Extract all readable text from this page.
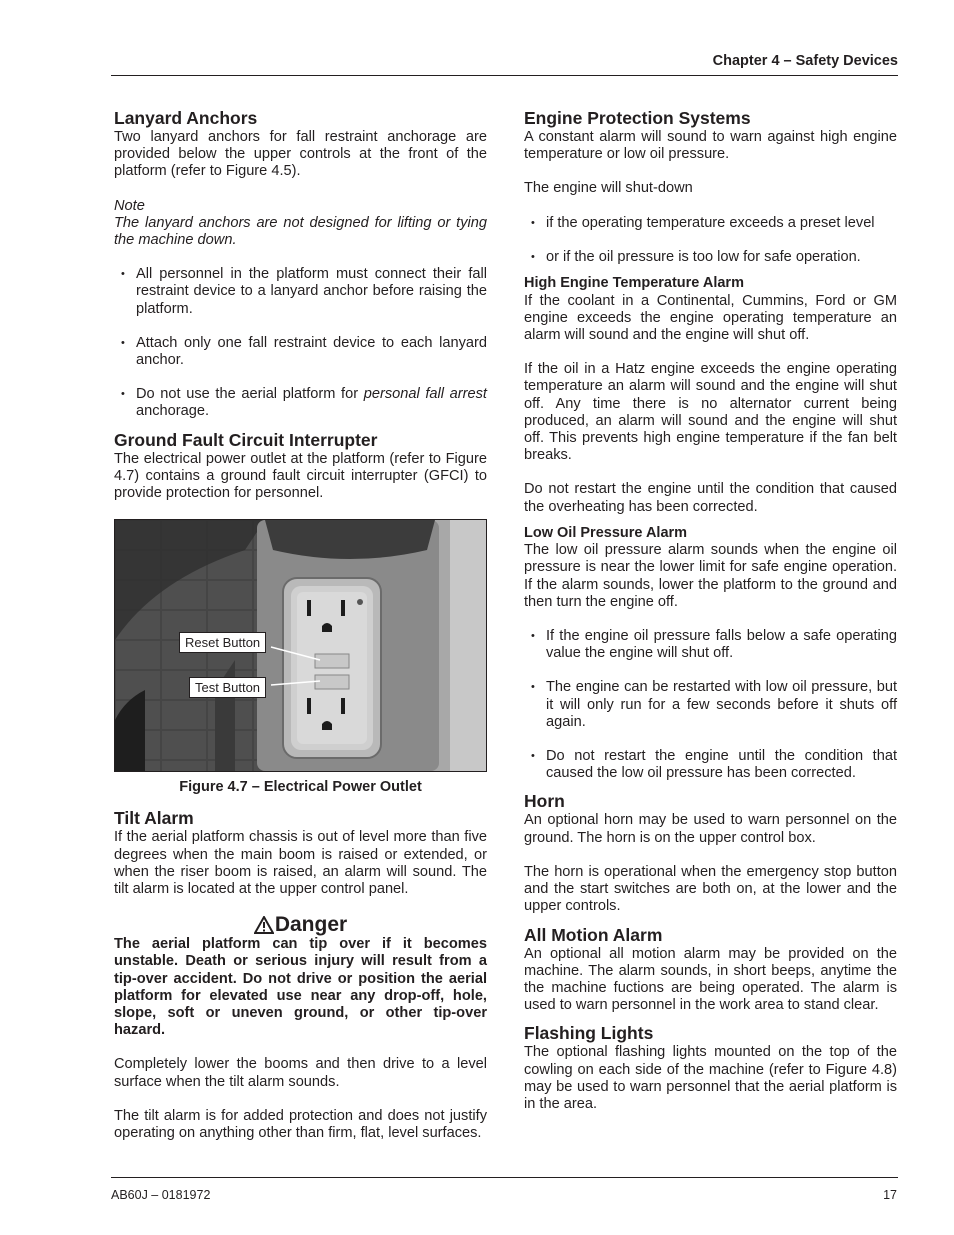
Chapter 4 – Safety Devices
Lanyard Anchors

Two lanyard anchors for fall restraint anchorage are provided below the upper controls at the front of the platform (refer to Figure 4.5).

Note

The lanyard anchors are not designed for lifting or tying the machine down.

• All personnel in the platform must connect their fall restraint device to a lanyard anchor before raising the platform.
• Attach only one fall restraint device to each lanyard anchor.
• Do not use the aerial platform for personal fall arrest anchorage.
Ground Fault Circuit Interrupter

The electrical power outlet at the platform (refer to Figure 4.7) contains a ground fault circuit interrupter (GFCI) to provide protection for personnel.

Reset Button
Test Button
Figure 4.7 – Electrical Power Outlet
Tilt Alarm

If the aerial platform chassis is out of level more than five degrees when the main boom is raised or extended, or when the riser boom is raised, an alarm will sound. The tilt alarm is located at the upper control panel.

Danger

The aerial platform can tip over if it becomes unstable. Death or serious injury will result from a tip-over accident. Do not drive or position the aerial platform for elevated use near any drop-off, hole, slope, soft or uneven ground, or other tip-over hazard.

Completely lower the booms and then drive to a level surface when the tilt alarm sounds.

The tilt alarm is for added protection and does not justify operating on anything other than firm, flat, level surfaces.

Engine Protection Systems

A constant alarm will sound to warn against high engine temperature or low oil pressure.

The engine will shut-down

• if the operating temperature exceeds a preset level
• or if the oil pressure is too low for safe operation.
High Engine Temperature Alarm

If the coolant in a Continental, Cummins, Ford or GM engine exceeds the engine operating temperature an alarm will sound and the engine will shut off.

If the oil in a Hatz engine exceeds the engine operating temperature an alarm will sound and the engine will shut off. Any time there is no alternator current being produced, an alarm will sound and the engine will shut off. This prevents high engine temperature if the fan belt breaks.

Do not restart the engine until the condition that caused the overheating has been corrected.

Low Oil Pressure Alarm

The low oil pressure alarm sounds when the engine oil pressure is near the lower limit for safe engine operation. If the alarm sounds, lower the platform to the ground and then turn the engine off.

• If the engine oil pressure falls below a safe operating value the engine will shut off.
• The engine can be restarted with low oil pressure, but it will only run for a few seconds before it shuts off again.
• Do not restart the engine until the condition that caused the low oil pressure has been corrected.
Horn

An optional horn may be used to warn personnel on the ground. The horn is on the upper control box.

The horn is operational when the emergency stop button and the start switches are both on, at the lower and the upper controls.

All Motion Alarm

An optional all motion alarm may be provided on the machine. The alarm sounds, in short beeps, anytime the the machine fuctions are being operated. The alarm is used to warn personnel in the work area to stand clear.

Flashing Lights

The optional flashing lights mounted on the top of the cowling on each side of the machine (refer to Figure 4.8) may be used to warn personnel that the aerial platform is in the area.

AB60J – 0181972	17
